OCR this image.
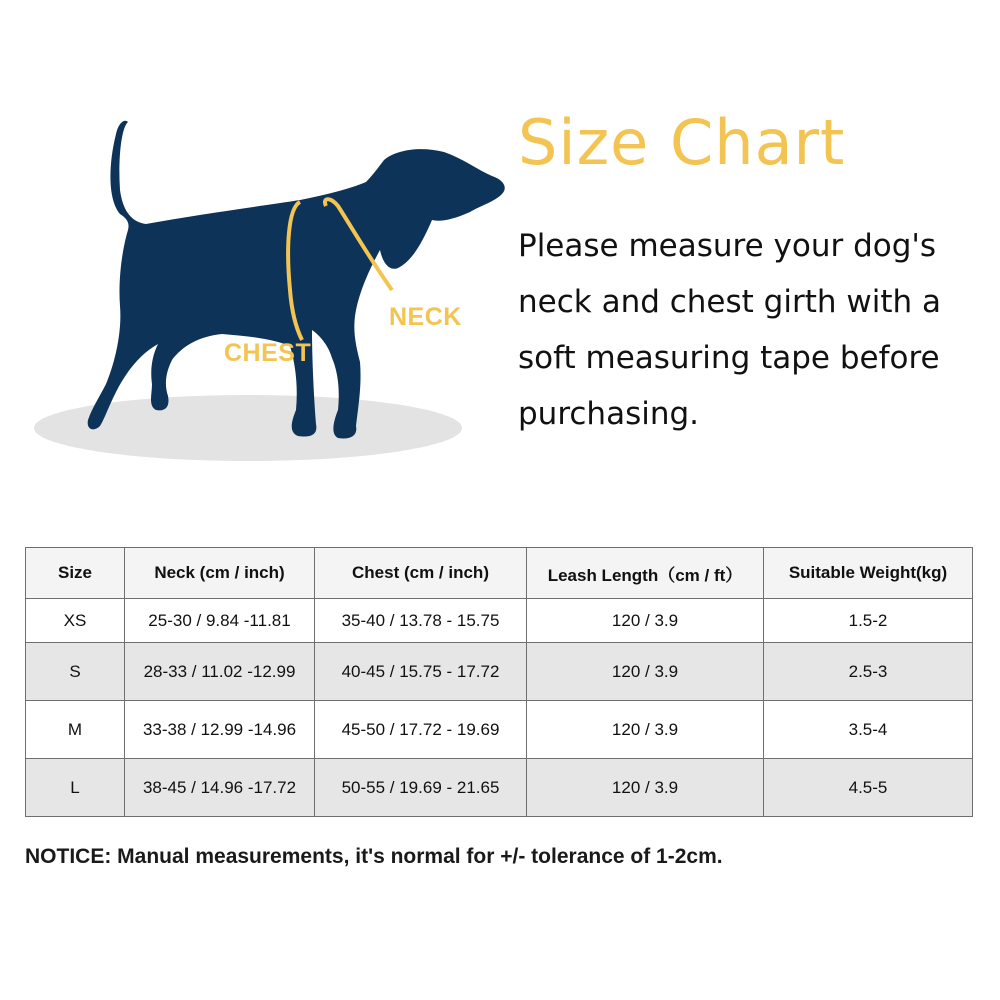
NECK
CHEST
Size Chart
Please measure your dog's neck and chest girth with a soft measuring tape before purchasing.
Size	Neck (cm / inch)	Chest (cm / inch)	Leash Length（cm / ft）	Suitable Weight(kg)
XS	25-30 / 9.84 -11.81	35-40 / 13.78 - 15.75	120 / 3.9	1.5-2
S	28-33 / 11.02 -12.99	40-45 / 15.75 - 17.72	120 / 3.9	2.5-3
M	33-38 / 12.99 -14.96	45-50 / 17.72 - 19.69	120 / 3.9	3.5-4
L	38-45 / 14.96 -17.72	50-55 / 19.69 - 21.65	120 / 3.9	4.5-5
NOTICE: Manual measurements, it's normal for +/- tolerance of 1-2cm.
